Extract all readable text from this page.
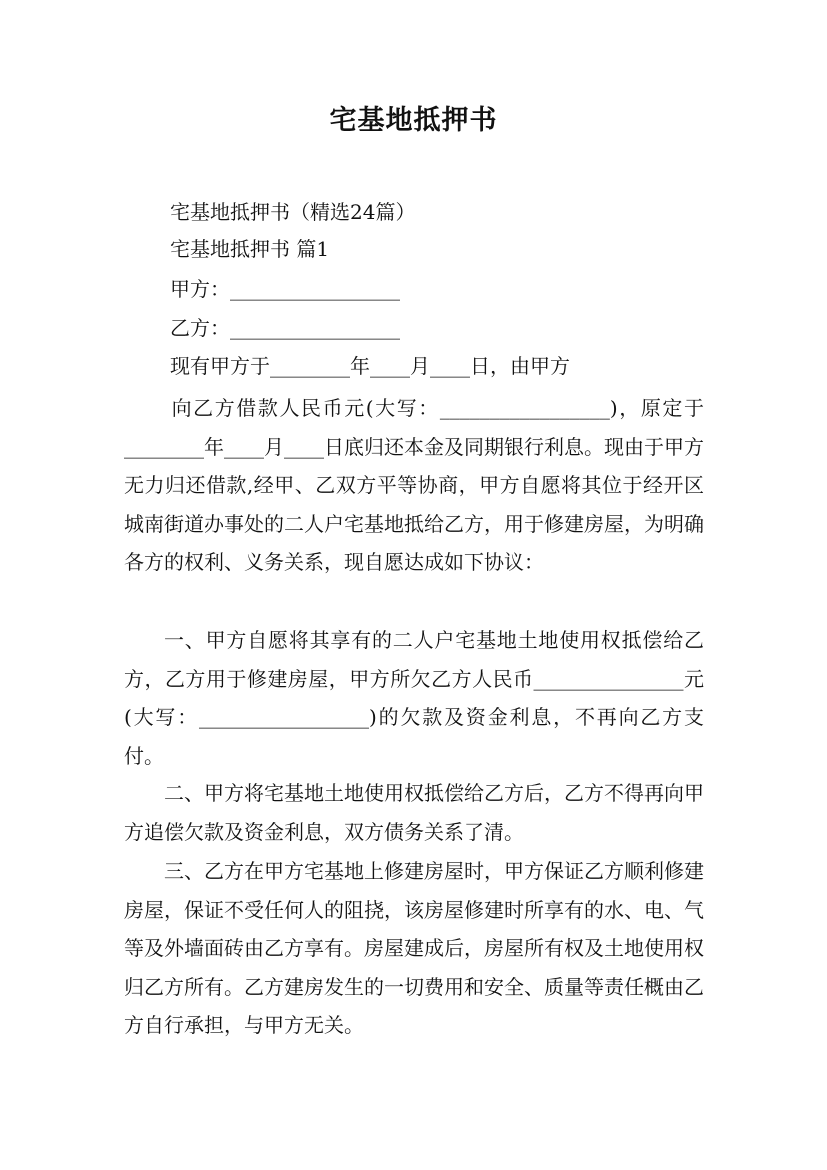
宅基地抵押书
宅基地抵押书（精选24篇）
宅基地抵押书 篇1
甲方：_________________
乙方：_________________
现有甲方于________年____月____日，由甲方
向乙方借款人民币元(大写：_________________)，原定于________年____月____日底归还本金及同期银行利息。现由于甲方无力归还借款,经甲、乙双方平等协商，甲方自愿将其位于经开区城南街道办事处的二人户宅基地抵给乙方，用于修建房屋，为明确各方的权利、义务关系，现自愿达成如下协议：
一、甲方自愿将其享有的二人户宅基地土地使用权抵偿给乙方，乙方用于修建房屋，甲方所欠乙方人民币_______________元(大写：_________________)的欠款及资金利息，不再向乙方支付。
二、甲方将宅基地土地使用权抵偿给乙方后，乙方不得再向甲方追偿欠款及资金利息，双方债务关系了清。
三、乙方在甲方宅基地上修建房屋时，甲方保证乙方顺利修建房屋，保证不受任何人的阻挠，该房屋修建时所享有的水、电、气等及外墙面砖由乙方享有。房屋建成后，房屋所有权及土地使用权归乙方所有。乙方建房发生的一切费用和安全、质量等责任概由乙方自行承担，与甲方无关。
